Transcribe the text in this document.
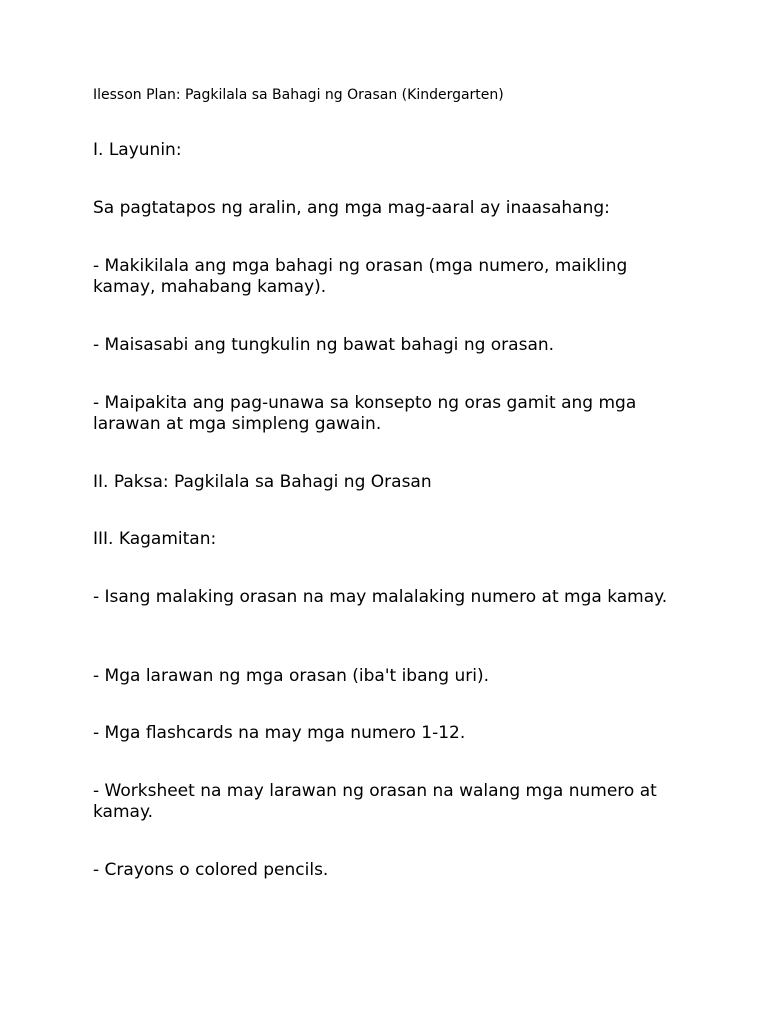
Ilesson Plan: Pagkilala sa Bahagi ng Orasan (Kindergarten)
I. Layunin:
Sa pagtatapos ng aralin, ang mga mag-aaral ay inaasahang:
- Makikilala ang mga bahagi ng orasan (mga numero, maikling kamay, mahabang kamay).
- Maisasabi ang tungkulin ng bawat bahagi ng orasan.
- Maipakita ang pag-unawa sa konsepto ng oras gamit ang mga larawan at mga simpleng gawain.
II. Paksa: Pagkilala sa Bahagi ng Orasan
III. Kagamitan:
- Isang malaking orasan na may malalaking numero at mga kamay.
- Mga larawan ng mga orasan (iba't ibang uri).
- Mga flashcards na may mga numero 1-12.
- Worksheet na may larawan ng orasan na walang mga numero at kamay.
- Crayons o colored pencils.
